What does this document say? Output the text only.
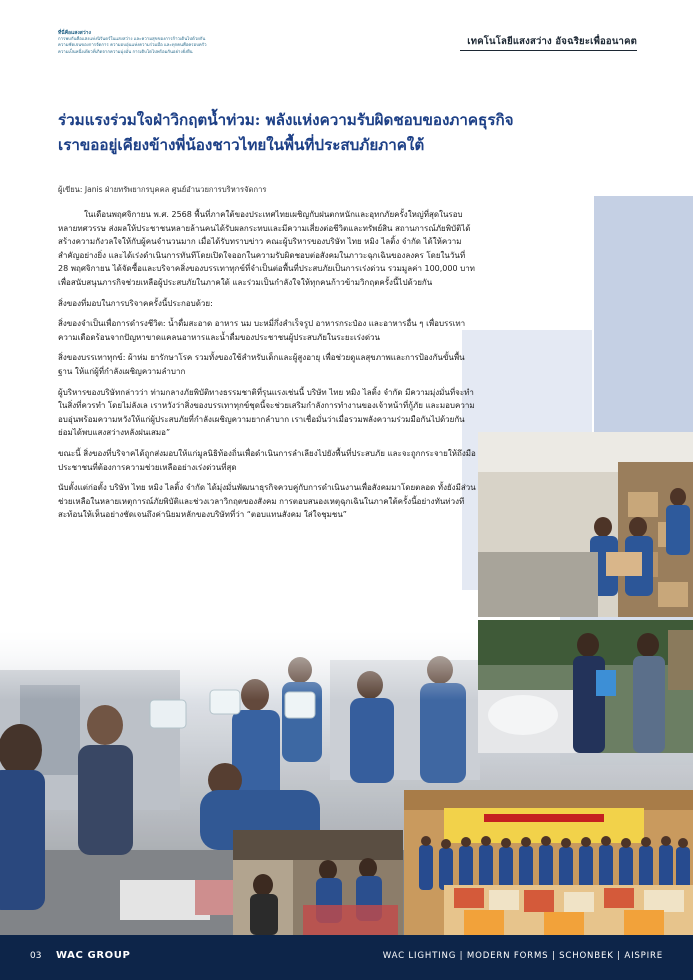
ที่นี่คือแสงสว่าง
การพบกันคือแสงแห่งนิรันดร์ในแสงสว่าง และความสุขของการก้าวเดินไปด้วยกัน
ความชัดเจนของการจัดการ ความอบอุ่นแห่งความร่วมมือ และทุกคนคือครอบครัว
ความเป็นหนึ่งเดียวที่เกิดจากความมุ่งมั่น การเติบโตไปพร้อมกันอย่างยั่งยืน
เทคโนโลยีแสงสว่าง อัจฉริยะเพื่ออนาคต
ร่วมแรงร่วมใจฝ่าวิกฤตน้ำท่วม: พลังแห่งความรับผิดชอบของภาคธุรกิจ
เราขออยู่เคียงข้างพี่น้องชาวไทยในพื้นที่ประสบภัยภาคใต้
ผู้เขียน: Janis ฝ่ายทรัพยากรบุคคล ศูนย์อำนวยการบริหารจัดการ

ในเดือนพฤศจิกายน พ.ศ. 2568 พื้นที่ภาคใต้ของประเทศไทยเผชิญกับฝนตกหนักและอุทกภัยครั้งใหญ่ที่สุดในรอบหลายทศวรรษ ส่งผลให้ประชาชนหลายล้านคนได้รับผลกระทบและมีความเสี่ยงต่อชีวิตและทรัพย์สิน สถานการณ์ภัยพิบัติได้สร้างความกังวลใจให้กับผู้คนจำนวนมาก เมื่อได้รับทราบข่าว คณะผู้บริหารของบริษัท ไทย หมิง ไลติ้ง จำกัด ได้ให้ความสำคัญอย่างยิ่ง และได้เร่งดำเนินการทันทีโดยเปิดใจออกในความรับผิดชอบต่อสังคมในภาวะฉุกเฉินของลงคร โดยในวันที่ 28 พฤศจิกายน ได้จัดซื้อและบริจาคสิ่งของบรรเทาทุกข์ที่จำเป็นต่อพื้นที่ประสบภัยเป็นการเร่งด่วน รวมมูลค่า 100,000 บาท เพื่อสนับสนุนภารกิจช่วยเหลือผู้ประสบภัยในภาคใต้ และร่วมเป็นกำลังใจให้ทุกคนก้าวข้ามวิกฤตครั้งนี้ไปด้วยกัน

สิ่งของที่มอบในการบริจาคครั้งนี้ประกอบด้วย:

สิ่งของจำเป็นเพื่อการดำรงชีวิต: น้ำดื่มสะอาด อาหาร นม บะหมี่กึ่งสำเร็จรูป อาหารกระป๋อง และอาหารอื่น ๆ เพื่อบรรเทาความเดือดร้อนจากปัญหาขาดแคลนอาหารและน้ำดื่มของประชาชนผู้ประสบภัยในระยะเร่งด่วน

สิ่งของบรรเทาทุกข์: ผ้าห่ม ยารักษาโรค รวมทั้งของใช้สำหรับเด็กและผู้สูงอายุ เพื่อช่วยดูแลสุขภาพและการป้องกันขั้นพื้นฐาน ให้แก่ผู้ที่กำลังเผชิญความลำบาก

ผู้บริหารของบริษัทกล่าวว่า ท่ามกลางภัยพิบัติทางธรรมชาติที่รุนแรงเช่นนี้ บริษัท ไทย หมิง ไลติ้ง จำกัด มีความมุ่งมั่นที่จะทำในสิ่งที่ควรทำ โดยไม่ลังเล เราหวังว่าสิ่งของบรรเทาทุกข์ชุดนี้จะช่วยเสริมกำลังการทำงานของเจ้าหน้าที่กู้ภัย และมอบความอบอุ่นพร้อมความหวังให้แก่ผู้ประสบภัยที่กำลังเผชิญความยากลำบาก เราเชื่อมั่นว่าเมื่อรวมพลังความร่วมมือกันไปด้วยกัน ย่อมได้พบแสงสว่างหลังฝนเสมอ”

ขณะนี้ สิ่งของที่บริจาคได้ถูกส่งมอบให้แก่มูลนิธิท้องถิ่นเพื่อดำเนินการลำเลียงไปยังพื้นที่ประสบภัย และจะถูกกระจายให้ถึงมือประชาชนที่ต้องการความช่วยเหลืออย่างเร่งด่วนที่สุด

นับตั้งแต่ก่อตั้ง บริษัท ไทย หมิง ไลติ้ง จำกัด ได้มุ่งมั่นพัฒนาธุรกิจควบคู่กับการดำเนินงานเพื่อสังคมมาโดยตลอด ทั้งยังมีส่วนช่วยเหลือในหลายเหตุการณ์ภัยพิบัติและช่วงเวลาวิกฤตของสังคม การตอบสนองเหตุฉุกเฉินในภาคใต้ครั้งนี้อย่างทันท่วงที สะท้อนให้เห็นอย่างชัดเจนถึงค่านิยมหลักของบริษัทที่ว่า “ตอบแทนสังคม ใส่ใจชุมชน”

03 WAC GROUP	WAC LIGHTING | MODERN FORMS | SCHONBEK | AISPIRE
